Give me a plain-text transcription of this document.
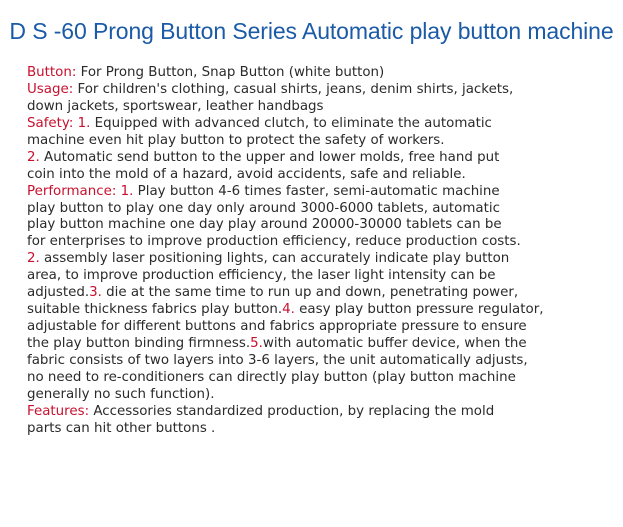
D S -60 Prong Button Series Automatic play button machine
Button: For Prong Button, Snap Button (white button)
Usage: For children's clothing, casual shirts, jeans, denim shirts, jackets,
down jackets, sportswear, leather handbags
Safety: 1. Equipped with advanced clutch, to eliminate the automatic
machine even hit play button to protect the safety of workers.
2. Automatic send button to the upper and lower molds, free hand put
coin into the mold of a hazard, avoid accidents, safe and reliable.
Performance: 1. Play button 4-6 times faster, semi-automatic machine
play button to play one day only around 3000-6000 tablets, automatic
play button machine one day play around 20000-30000 tablets can be
for enterprises to improve production efficiency, reduce production costs.
2. assembly laser positioning lights, can accurately indicate play button
area, to improve production efficiency, the laser light intensity can be
adjusted.3. die at the same time to run up and down, penetrating power,
suitable thickness fabrics play button.4. easy play button pressure regulator,
adjustable for different buttons and fabrics appropriate pressure to ensure
the play button binding firmness.5.with automatic buffer device, when the
fabric consists of two layers into 3-6 layers, the unit automatically adjusts,
no need to re-conditioners can directly play button (play button machine
generally no such function).
Features: Accessories standardized production, by replacing the mold
parts can hit other buttons .
